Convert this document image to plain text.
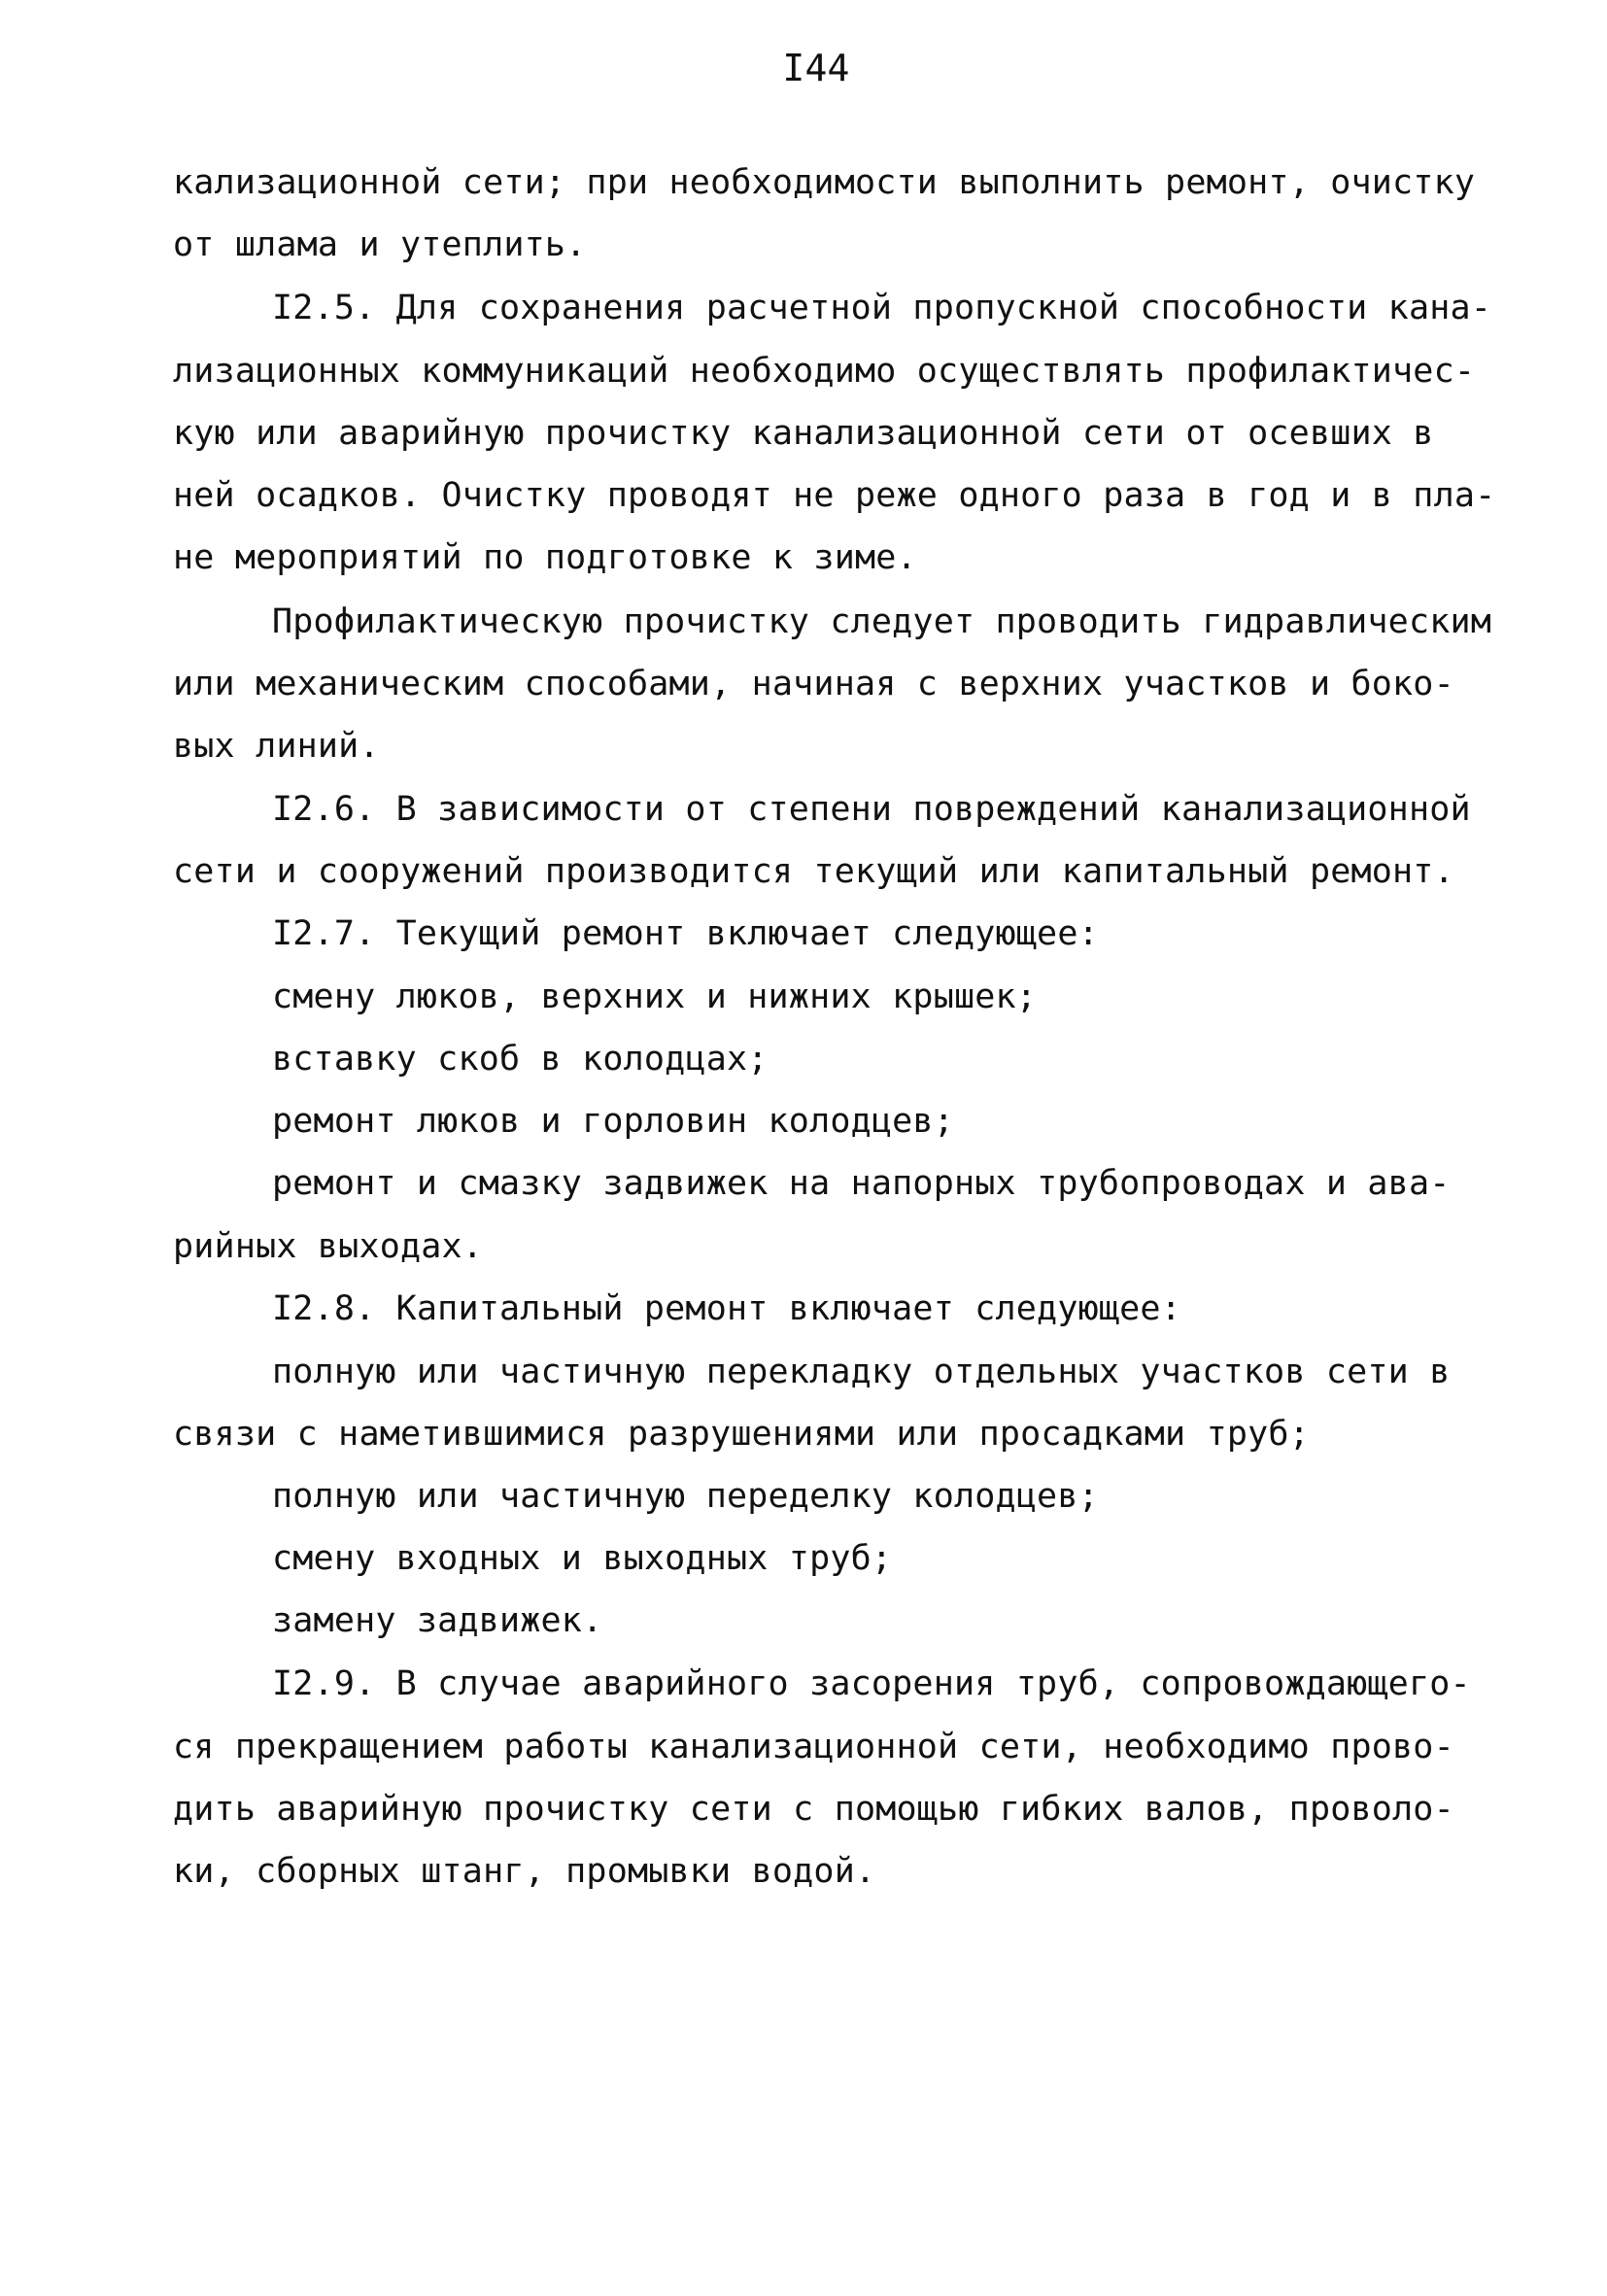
I44
кализационной сети; при необходимости выполнить ремонт, очистку
от шлама и утеплить.
I2.5. Для сохранения расчетной пропускной способности кана-
лизационных коммуникаций необходимо осуществлять профилактичес-
кую или аварийную прочистку канализационной сети от осевших в
ней осадков. Очистку проводят не реже одного раза в год и в пла-
не мероприятий по подготовке к зиме.
Профилактическую прочистку следует проводить гидравлическим
или механическим способами, начиная с верхних участков и боко-
вых линий.
I2.6. В зависимости от степени повреждений канализационной
сети и сооружений производится текущий или капитальный ремонт.
I2.7. Текущий ремонт включает следующее:
смену люков, верхних и нижних крышек;
вставку скоб в колодцах;
ремонт люков и горловин колодцев;
ремонт и смазку задвижек на напорных трубопроводах и ава-
рийных выходах.
I2.8. Капитальный ремонт включает следующее:
полную или частичную перекладку отдельных участков сети в
связи с наметившимися разрушениями или просадками труб;
полную или частичную переделку колодцев;
смену входных и выходных труб;
замену задвижек.
I2.9. В случае аварийного засорения труб, сопровождающего-
ся прекращением работы канализационной сети, необходимо прово-
дить аварийную прочистку сети с помощью гибких валов, проволо-
ки, сборных штанг, промывки водой.
